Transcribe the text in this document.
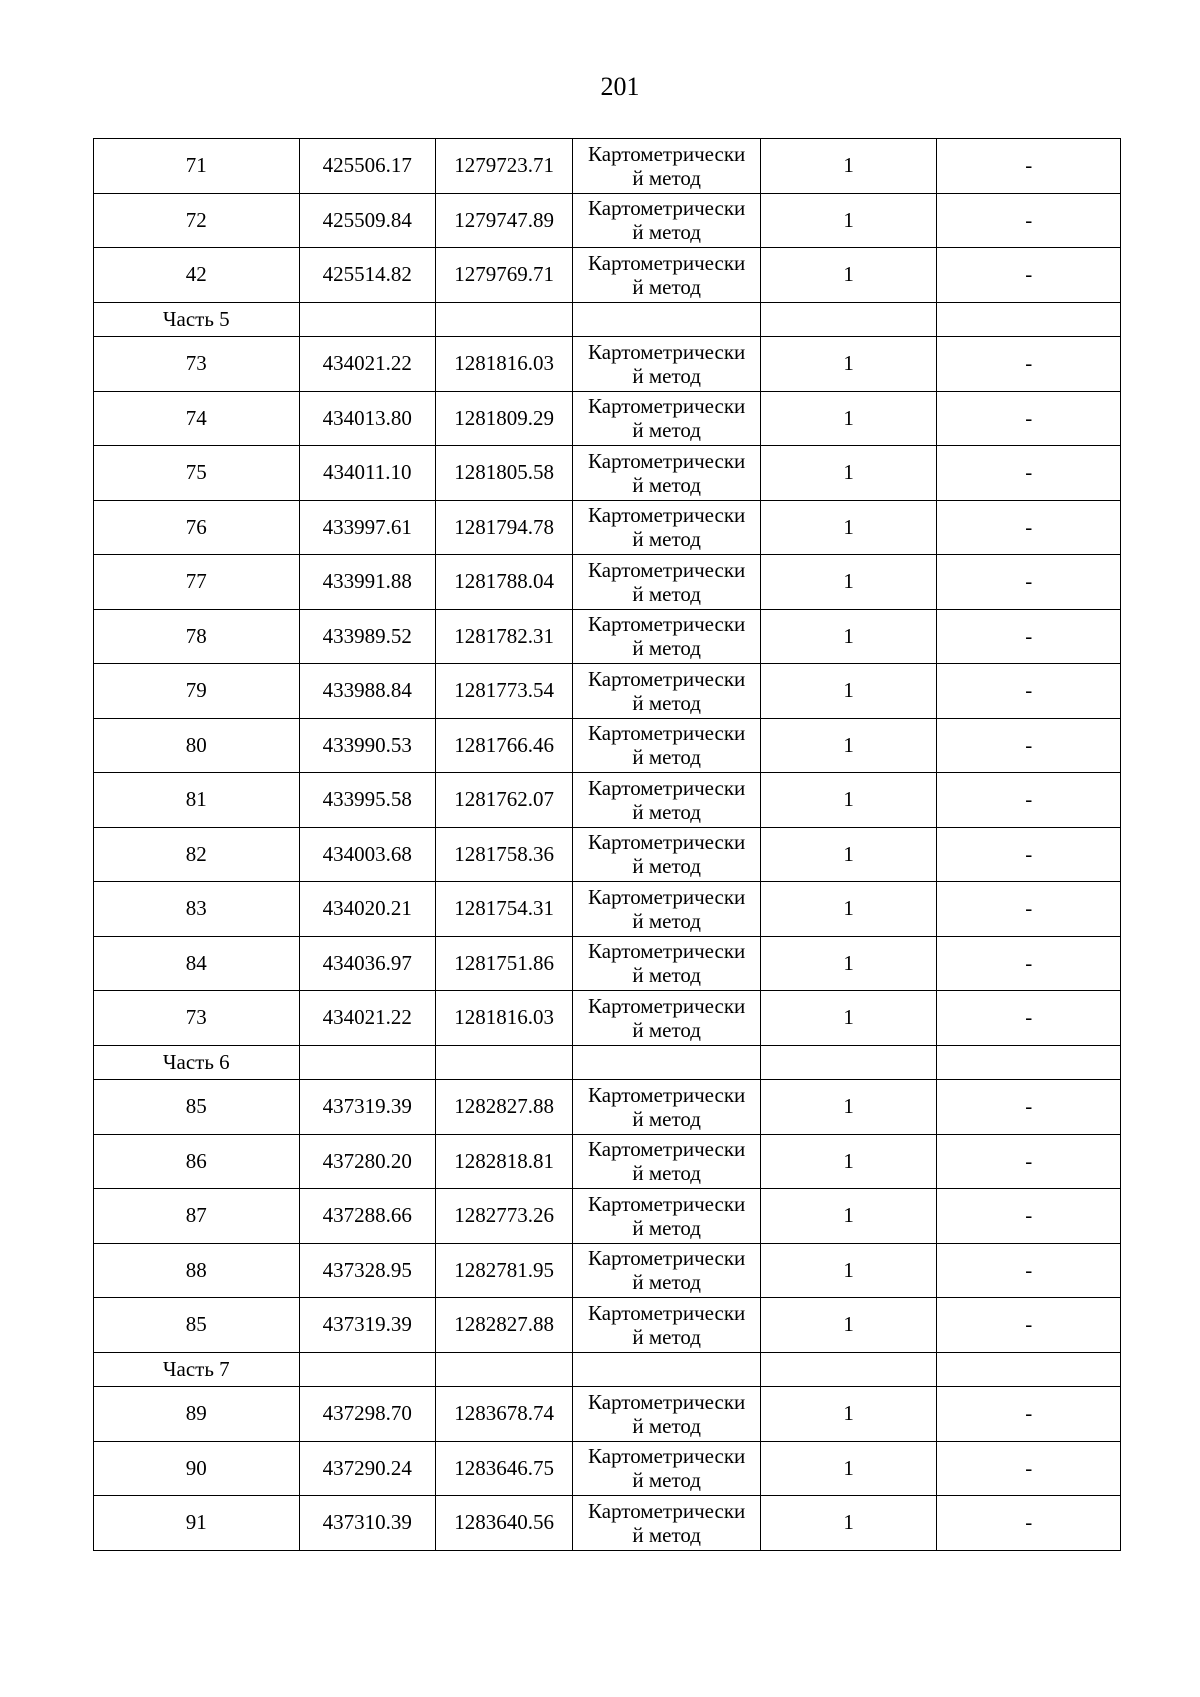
201
71	425506.17	1279723.71	Картометрически
й метод	1	-
72	425509.84	1279747.89	Картометрически
й метод	1	-
42	425514.82	1279769.71	Картометрически
й метод	1	-
Часть 5					
73	434021.22	1281816.03	Картометрически
й метод	1	-
74	434013.80	1281809.29	Картометрически
й метод	1	-
75	434011.10	1281805.58	Картометрически
й метод	1	-
76	433997.61	1281794.78	Картометрически
й метод	1	-
77	433991.88	1281788.04	Картометрически
й метод	1	-
78	433989.52	1281782.31	Картометрически
й метод	1	-
79	433988.84	1281773.54	Картометрически
й метод	1	-
80	433990.53	1281766.46	Картометрически
й метод	1	-
81	433995.58	1281762.07	Картометрически
й метод	1	-
82	434003.68	1281758.36	Картометрически
й метод	1	-
83	434020.21	1281754.31	Картометрически
й метод	1	-
84	434036.97	1281751.86	Картометрически
й метод	1	-
73	434021.22	1281816.03	Картометрически
й метод	1	-
Часть 6					
85	437319.39	1282827.88	Картометрически
й метод	1	-
86	437280.20	1282818.81	Картометрически
й метод	1	-
87	437288.66	1282773.26	Картометрически
й метод	1	-
88	437328.95	1282781.95	Картометрически
й метод	1	-
85	437319.39	1282827.88	Картометрически
й метод	1	-
Часть 7					
89	437298.70	1283678.74	Картометрически
й метод	1	-
90	437290.24	1283646.75	Картометрически
й метод	1	-
91	437310.39	1283640.56	Картометрически
й метод	1	-
